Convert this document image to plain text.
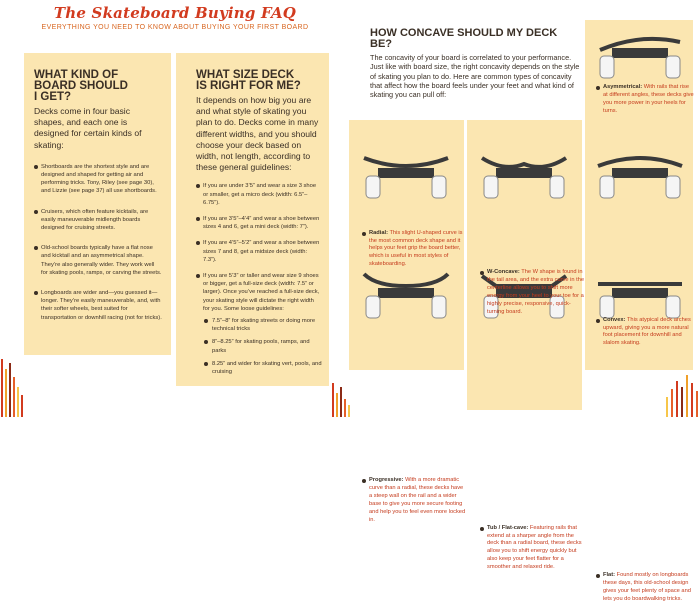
The Skateboard Buying FAQ
EVERYTHING YOU NEED TO KNOW ABOUT BUYING YOUR FIRST BOARD
WHAT KIND OF BOARD SHOULD I GET?
Decks come in four basic shapes, and each one is designed for certain kinds of skating:
Shortboards are the shortest style and are designed and shaped for getting air and performing tricks. Tony, Riley (see page 30), and Lizzie (see page 37) all use shortboards.
Cruisers, which often feature kicktails, are easily maneuverable midlength boards designed for cruising streets.
Old-school boards typically have a flat nose and kicktail and an asymmetrical shape. They’re also generally wider. They work well for skating pools, ramps, or carving the streets.
Longboards are wider and—you guessed it—longer. They’re easily maneuverable, and, with their softer wheels, best suited for transportation or downhill racing (not for tricks).
WHAT SIZE DECK IS RIGHT FOR ME?
It depends on how big you are and what style of skating you plan to do. Decks come in many different widths, and you should choose your deck based on width, not length, according to these general guidelines:
If you are under 3’5” and wear a size 3 shoe or smaller, get a micro deck (width: 6.5”–6.75”).
If you are 3’5”–4’4” and wear a shoe between sizes 4 and 6, get a mini deck (width: 7”).
If you are 4’5”–5’2” and wear a shoe between sizes 7 and 8, get a midsize deck (width: 7.3”).
If you are 5’3” or taller and wear size 9 shoes or bigger, get a full-size deck (width: 7.5” or larger). Once you’ve reached a full-size deck, your skating style will dictate the right width for you. Some loose guidelines:
7.5”–8” for skating streets or doing more technical tricks
8”–8.25” for skating pools, ramps, and parks
8.25” and wider for skating vert, pools, and cruising
HOW CONCAVE SHOULD MY DECK BE?
The concavity of your board is correlated to your performance. Just like with board size, the right concavity depends on the style of skating you plan to do. Here are common types of concavity that affect how the board feels under your feet and what kind of skating you can pull off:
Asymmetrical: With rails that rise at different angles, these decks give you more power in your heels for turns.
Radial: This slight U-shaped curve is the most common deck shape and it helps your feet grip the board better, which is useful in most styles of skateboarding.
W-Concave: The W shape is found in the tail area, and the extra curve in the centerline allows you to shift more energy from your heel to your toe for a highly precise, responsive, quick-turning board.
Convex: This atypical deck arches upward, giving you a more natural foot placement for downhill and slalom skating.
Progressive: With a more dramatic curve than a radial, these decks have a steep wall on the rail and a wider base to give you more secure footing and help you to feel even more locked in.
Tub / Flat-cave: Featuring rails that extend at a sharper angle from the deck than a radial board, these decks allow you to shift energy quickly but also keep your feet flatter for a smoother and relaxed ride.
Flat: Found mostly on longboards these days, this old-school design gives your feet plenty of space and lets you do boardwalking tricks.
